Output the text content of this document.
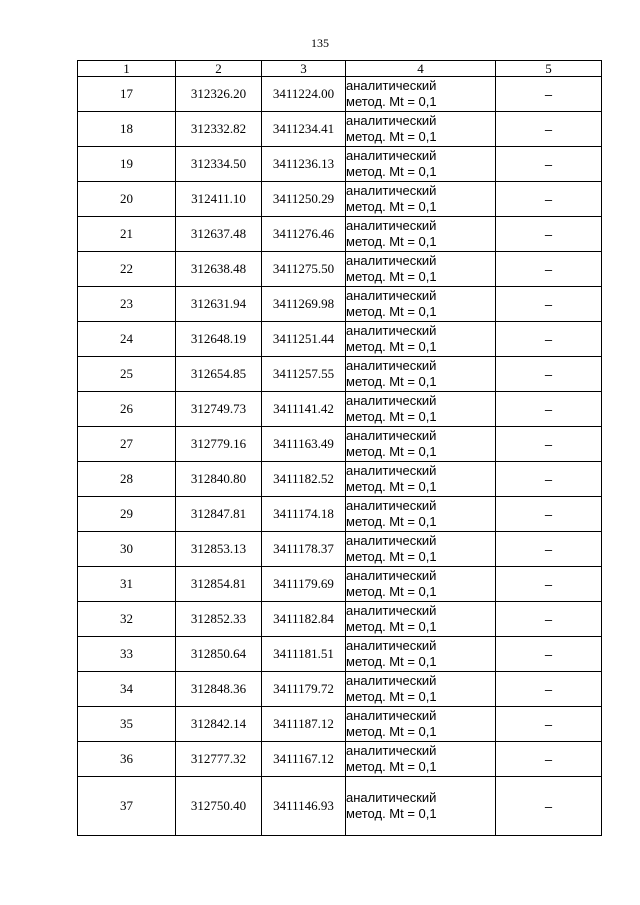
135
1	2	3	4	5
17	312326.20	3411224.00	аналитический
метод. Mt = 0,1	–
18	312332.82	3411234.41	аналитический
метод. Mt = 0,1	–
19	312334.50	3411236.13	аналитический
метод. Mt = 0,1	–
20	312411.10	3411250.29	аналитический
метод. Mt = 0,1	–
21	312637.48	3411276.46	аналитический
метод. Mt = 0,1	–
22	312638.48	3411275.50	аналитический
метод. Mt = 0,1	–
23	312631.94	3411269.98	аналитический
метод. Mt = 0,1	–
24	312648.19	3411251.44	аналитический
метод. Mt = 0,1	–
25	312654.85	3411257.55	аналитический
метод. Mt = 0,1	–
26	312749.73	3411141.42	аналитический
метод. Mt = 0,1	–
27	312779.16	3411163.49	аналитический
метод. Mt = 0,1	–
28	312840.80	3411182.52	аналитический
метод. Mt = 0,1	–
29	312847.81	3411174.18	аналитический
метод. Mt = 0,1	–
30	312853.13	3411178.37	аналитический
метод. Mt = 0,1	–
31	312854.81	3411179.69	аналитический
метод. Mt = 0,1	–
32	312852.33	3411182.84	аналитический
метод. Mt = 0,1	–
33	312850.64	3411181.51	аналитический
метод. Mt = 0,1	–
34	312848.36	3411179.72	аналитический
метод. Mt = 0,1	–
35	312842.14	3411187.12	аналитический
метод. Mt = 0,1	–
36	312777.32	3411167.12	аналитический
метод. Mt = 0,1	–
37	312750.40	3411146.93	аналитический
метод. Mt = 0,1	–
